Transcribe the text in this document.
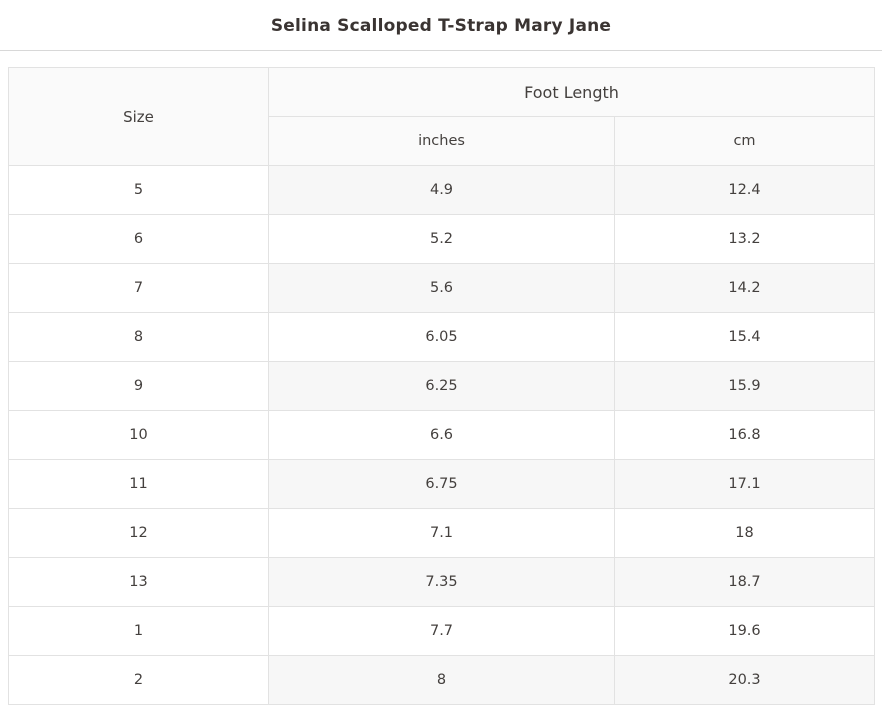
Selina Scalloped T-Strap Mary Jane
Size	Foot Length	
	inches	cm
5	4.9	12.4
6	5.2	13.2
7	5.6	14.2
8	6.05	15.4
9	6.25	15.9
10	6.6	16.8
11	6.75	17.1
12	7.1	18
13	7.35	18.7
1	7.7	19.6
2	8	20.3
